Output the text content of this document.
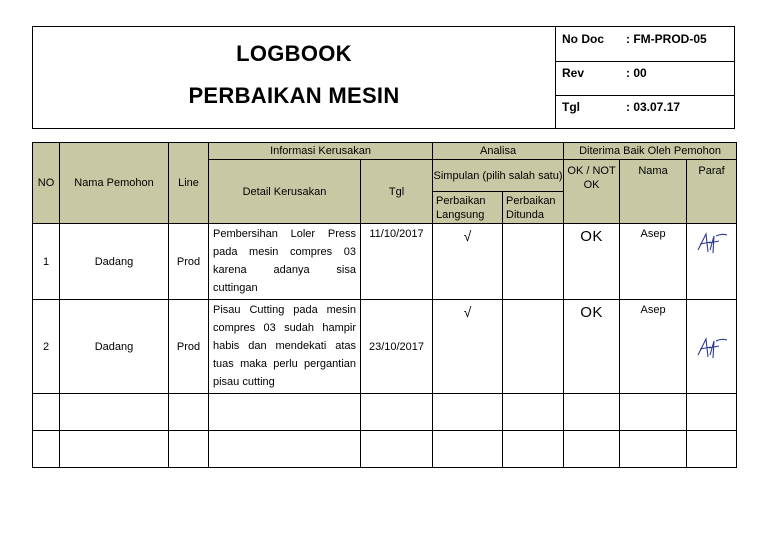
LOGBOOK
PERBAIKAN MESIN
No Doc : FM-PROD-05
Rev	: 00
Tgl	: 03.07.17
NO	Nama Pemohon	Line	Informasi Kerusakan		Analisa		Diterima Baik Oleh Pemohon		
			Detail Kerusakan	Tgl	Simpulan (pilih salah satu)		OK / NOT OK	Nama	Paraf
					Perbaikan Langsung	Perbaikan Ditunda			
1	Dadang	Prod	Pembersihan Loler Press pada mesin compres 03 karena adanya sisa cuttingan	11/10/2017	√		OK	Asep	

2	Dadang	Prod	Pisau Cutting pada mesin compres 03 sudah hampir habis dan mendekati atas tuas maka perlu pergantian pisau cutting	23/10/2017	√		OK	Asep	
